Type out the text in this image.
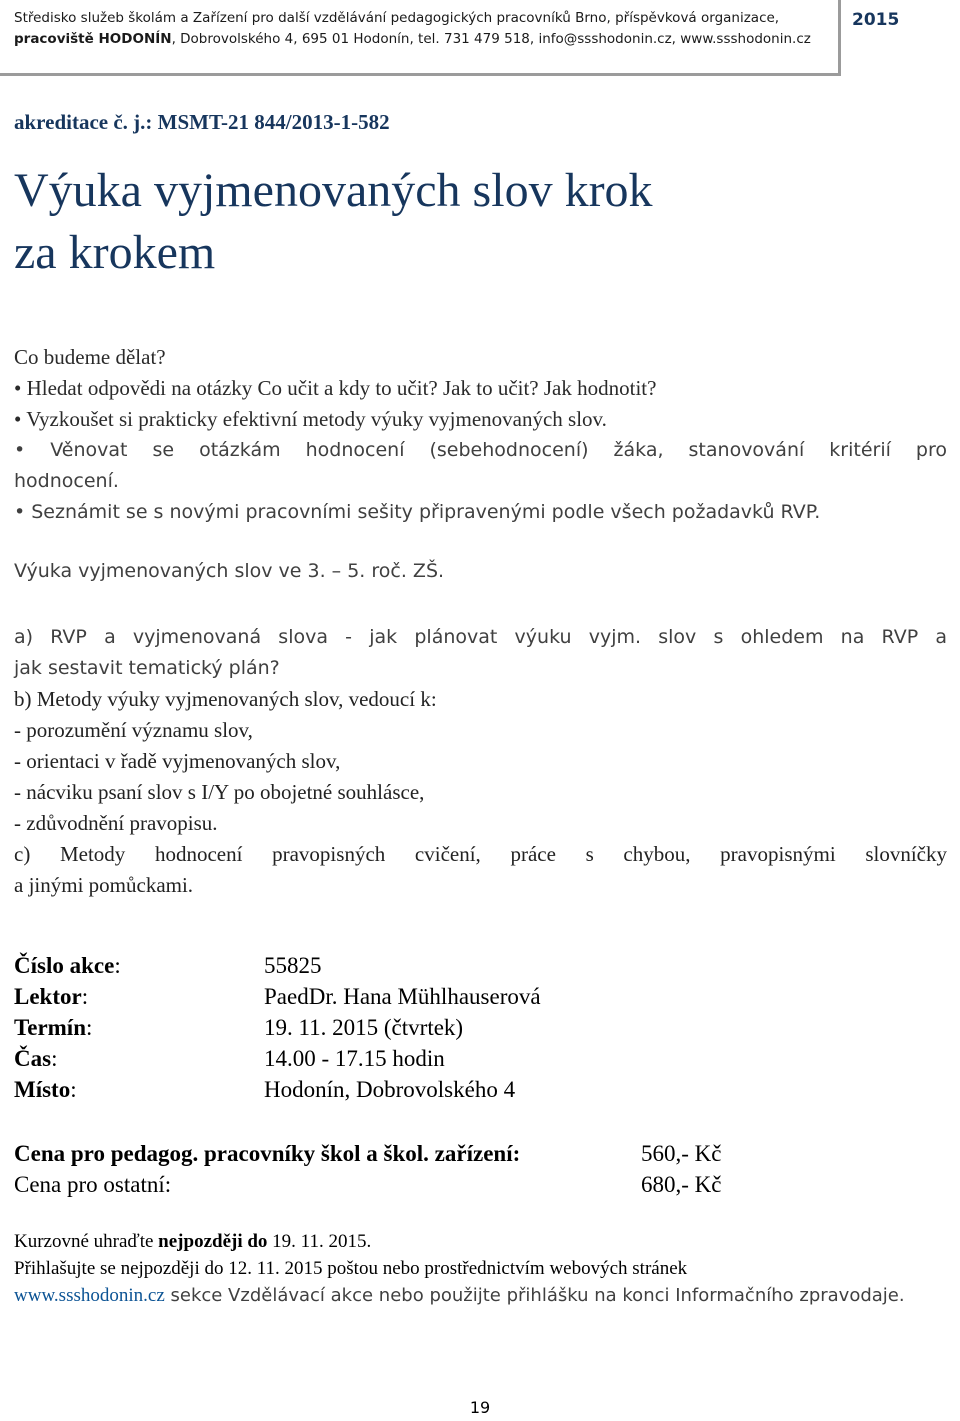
Středisko služeb školám a Zařízení pro další vzdělávání pedagogických pracovníků Brno, příspěvková organizace,
pracoviště HODONÍN, Dobrovolského 4, 695 01 Hodonín, tel. 731 479 518, info@ssshodonin.cz, www.ssshodonin.cz
2015
akreditace č. j.: MSMT-21 844/2013-1-582
Výuka vyjmenovaných slov krok
za krokem
Co budeme dělat?
• Hledat odpovědi na otázky Co učit a kdy to učit? Jak to učit? Jak hodnotit?
• Vyzkoušet si prakticky efektivní metody výuky vyjmenovaných slov.
• Věnovat se otázkám hodnocení (sebehodnocení) žáka, stanovování kritérií pro
hodnocení.
• Seznámit se s novými pracovními sešity připravenými podle všech požadavků RVP.
Výuka vyjmenovaných slov ve 3. – 5. roč. ZŠ.
a) RVP a vyjmenovaná slova - jak plánovat výuku vyjm. slov s ohledem na RVP a
jak sestavit tematický plán?
b) Metody výuky vyjmenovaných slov, vedoucí k:
- porozumění významu slov,
- orientaci v řadě vyjmenovaných slov,
- nácviku psaní slov s I/Y po obojetné souhlásce,
- zdůvodnění pravopisu.
c) Metody hodnocení pravopisných cvičení, práce s chybou, pravopisnými slovníčky
a jinými pomůckami.
Číslo akce:	55825
Lektor:	PaedDr. Hana Mühlhauserová
Termín:	19. 11. 2015 (čtvrtek)
Čas:	14.00 - 17.15 hodin
Místo:	Hodonín, Dobrovolského 4
Cena pro pedagog. pracovníky škol a škol. zařízení:	560,- Kč
Cena pro ostatní:	680,- Kč
Kurzovné uhraďte nejpozději do 19. 11. 2015.
Přihlašujte se nejpozději do 12. 11. 2015 poštou nebo prostřednictvím webových stránek
www.ssshodonin.cz sekce Vzdělávací akce nebo použijte přihlášku na konci Informačního zpravodaje.
19
